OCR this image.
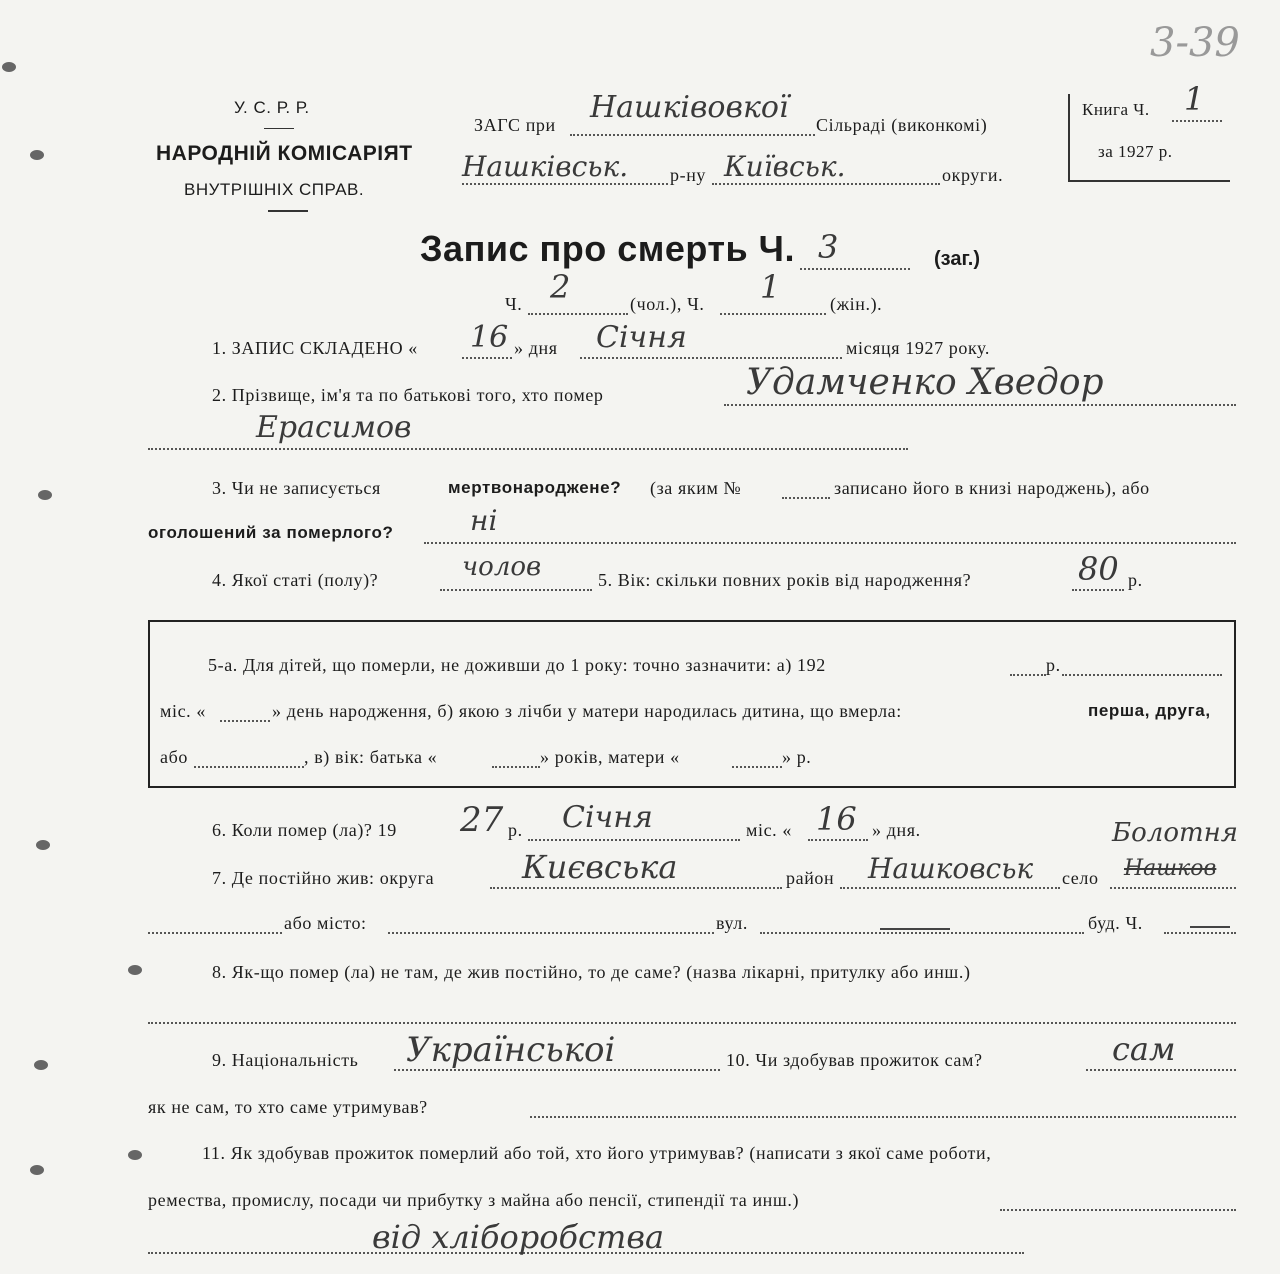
3-39
У. С. Р. Р.
НАРОДНІЙ КОМІСАРІЯТ
ВНУТРІШНІХ СПРАВ.
ЗАГС при Нашківовкої Сільраді (виконкомі)
Нашківськ. р-ну Київськ.	округи.
Книга Ч. 1
за 1927 р.
Запис про смерть Ч. 3	(заг.)
Ч. 2	(чол.), Ч. 1	(жін.).
1. ЗАПИС СКЛАДЕНО « 16 » дня Січня	місяця 1927 року.
2. Прізвище, ім'я та по батькові того, хто помер	Удамченко Хведор
Ерасимов
3. Чи не записується	мертвонароджене? (за яким №	записано його в книзі народжень), або
оголошений за померлого?	ні
4. Якої статі (полу)?	чолов	5. Вік: скільки повних років від народження?	80 р.
5-а. Для дітей, що померли, не доживши до 1 року: точно зазначити: а) 192	р.
міс. «	» день народження, б) якою з лічби у матери народилась дитина, що вмерла:	перша, друга,
або	, в) вік: батька «	» років, матери «	» р.
6. Коли помер (ла)? 19 27 р. Січня	міс. « 16 » дня.
7. Де постійно жив: округа	Києвська	район Нашковськ село
Болотня
Нашков
або місто:	вул.	буд. Ч.
8. Як-що помер (ла) не там, де жив постійно, то де саме? (назва лікарні, притулку або инш.)
9. Національність Українськоі	10. Чи здобував прожиток сам?	сам
як не сам, то хто саме утримував?
11. Як здобував прожиток померлий або той, хто його утримував? (написати з якої саме роботи,
ремества, промислу, посади чи прибутку з майна або пенсії, стипендії та инш.)
від хліборобства
